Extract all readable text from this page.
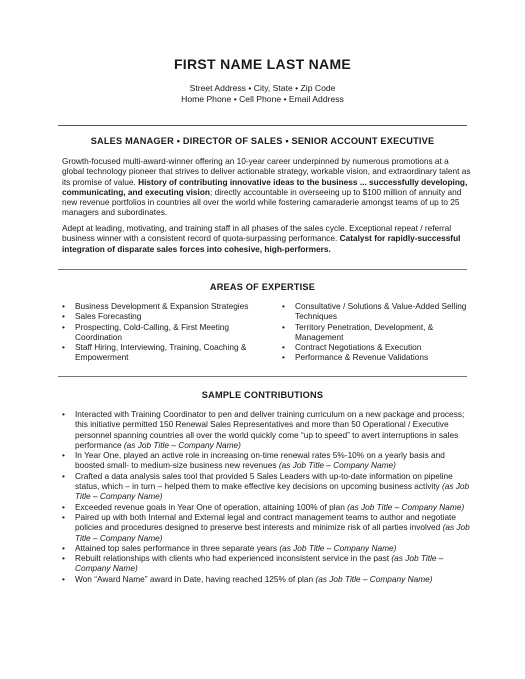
FIRST NAME LAST NAME
Street Address • City, State • Zip Code
Home Phone • Cell Phone • Email Address
SALES MANAGER • DIRECTOR OF SALES • SENIOR ACCOUNT EXECUTIVE
Growth-focused multi-award-winner offering an 10-year career underpinned by numerous promotions at a global technology pioneer that strives to deliver actionable strategy, workable vision, and extraordinary talent as its promise of value. History of contributing innovative ideas to the business ... successfully developing, communicating, and executing vision; directly accountable in overseeing up to $100 million of annuity and new revenue portfolios in countries all over the world while fostering camaraderie amongst teams of up to 25 managers and subordinates.
Adept at leading, motivating, and training staff in all phases of the sales cycle. Exceptional repeat / referral business winner with a consistent record of quota-surpassing performance. Catalyst for rapidly-successful integration of disparate sales forces into cohesive, high-performers.
AREAS OF EXPERTISE
• Business Development & Expansion Strategies
• Sales Forecasting
• Prospecting, Cold-Calling, & First Meeting Coordination
• Staff Hiring, Interviewing, Training, Coaching & Empowerment
• Consultative / Solutions & Value-Added Selling Techniques
• Territory Penetration, Development, & Management
• Contract Negotiations & Execution
• Performance & Revenue Validations
SAMPLE CONTRIBUTIONS
• Interacted with Training Coordinator to pen and deliver training curriculum on a new package and process; this initiative permitted 150 Renewal Sales Representatives and more than 50 Operational / Executive personnel spanning countries all over the world quickly come “up to speed” to avert interruptions in sales performance (as Job Title – Company Name)
• In Year One, played an active role in increasing on-time renewal rates 5%-10% on a yearly basis and boosted small- to medium-size business new revenues (as Job Title – Company Name)
• Crafted a data analysis sales tool that provided 5 Sales Leaders with up-to-date information on pipeline status, which – in turn – helped them to make effective key decisions on upcoming business activity (as Job Title – Company Name)
• Exceeded revenue goals in Year One of operation, attaining 100% of plan (as Job Title – Company Name)
• Paired up with both Internal and External legal and contract management teams to author and negotiate policies and procedures designed to preserve best interests and minimize risk of all parties involved (as Job Title – Company Name)
• Attained top sales performance in three separate years (as Job Title – Company Name)
• Rebuilt relationships with clients who had experienced inconsistent service in the past (as Job Title – Company Name)
• Won “Award Name” award in Date, having reached 125% of plan (as Job Title – Company Name)
